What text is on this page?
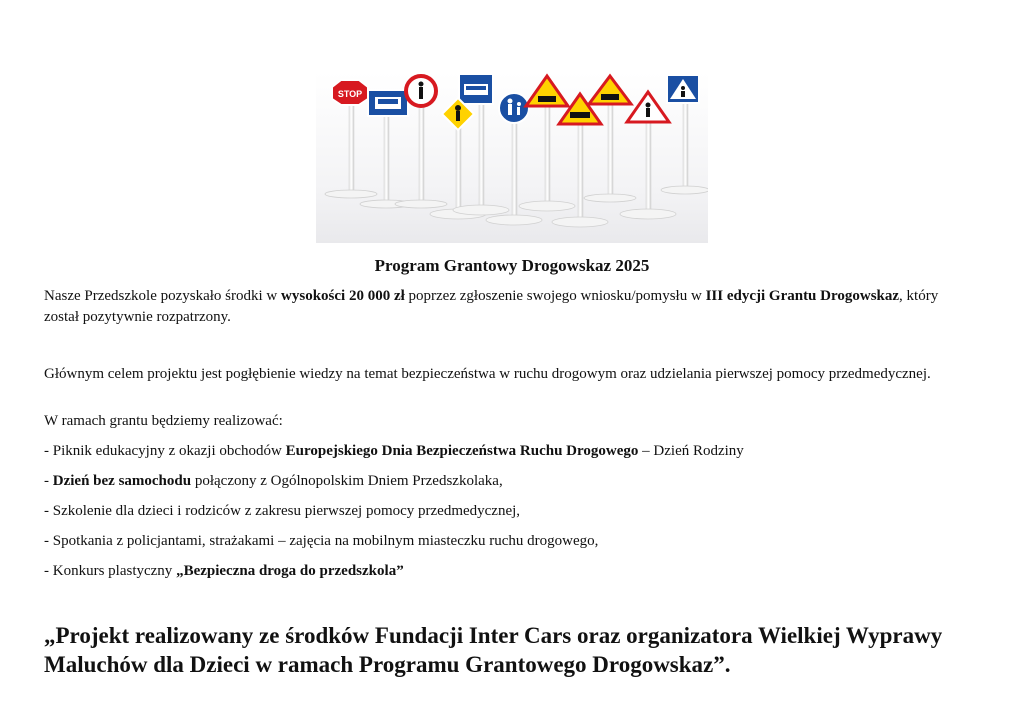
STOP
Program Grantowy Drogowskaz 2025
Nasze Przedszkole pozyskało środki w wysokości 20 000 zł poprzez zgłoszenie swojego wniosku/pomysłu w III edycji Grantu Drogowskaz, który został pozytywnie rozpatrzony.
Głównym celem projektu jest pogłębienie wiedzy na temat bezpieczeństwa w ruchu drogowym oraz udzielania pierwszej pomocy przedmedycznej.
W ramach grantu będziemy realizować:
- Piknik edukacyjny z okazji obchodów Europejskiego Dnia Bezpieczeństwa Ruchu Drogowego – Dzień Rodziny
- Dzień bez samochodu połączony z Ogólnopolskim Dniem Przedszkolaka,
- Szkolenie dla dzieci i rodziców z zakresu pierwszej pomocy przedmedycznej,
- Spotkania z policjantami, strażakami – zajęcia na mobilnym miasteczku ruchu drogowego,
- Konkurs plastyczny „Bezpieczna droga do przedszkola”
„Projekt realizowany ze środków Fundacji Inter Cars oraz organizatora Wielkiej Wyprawy Maluchów dla Dzieci w ramach Programu Grantowego Drogowskaz”.
